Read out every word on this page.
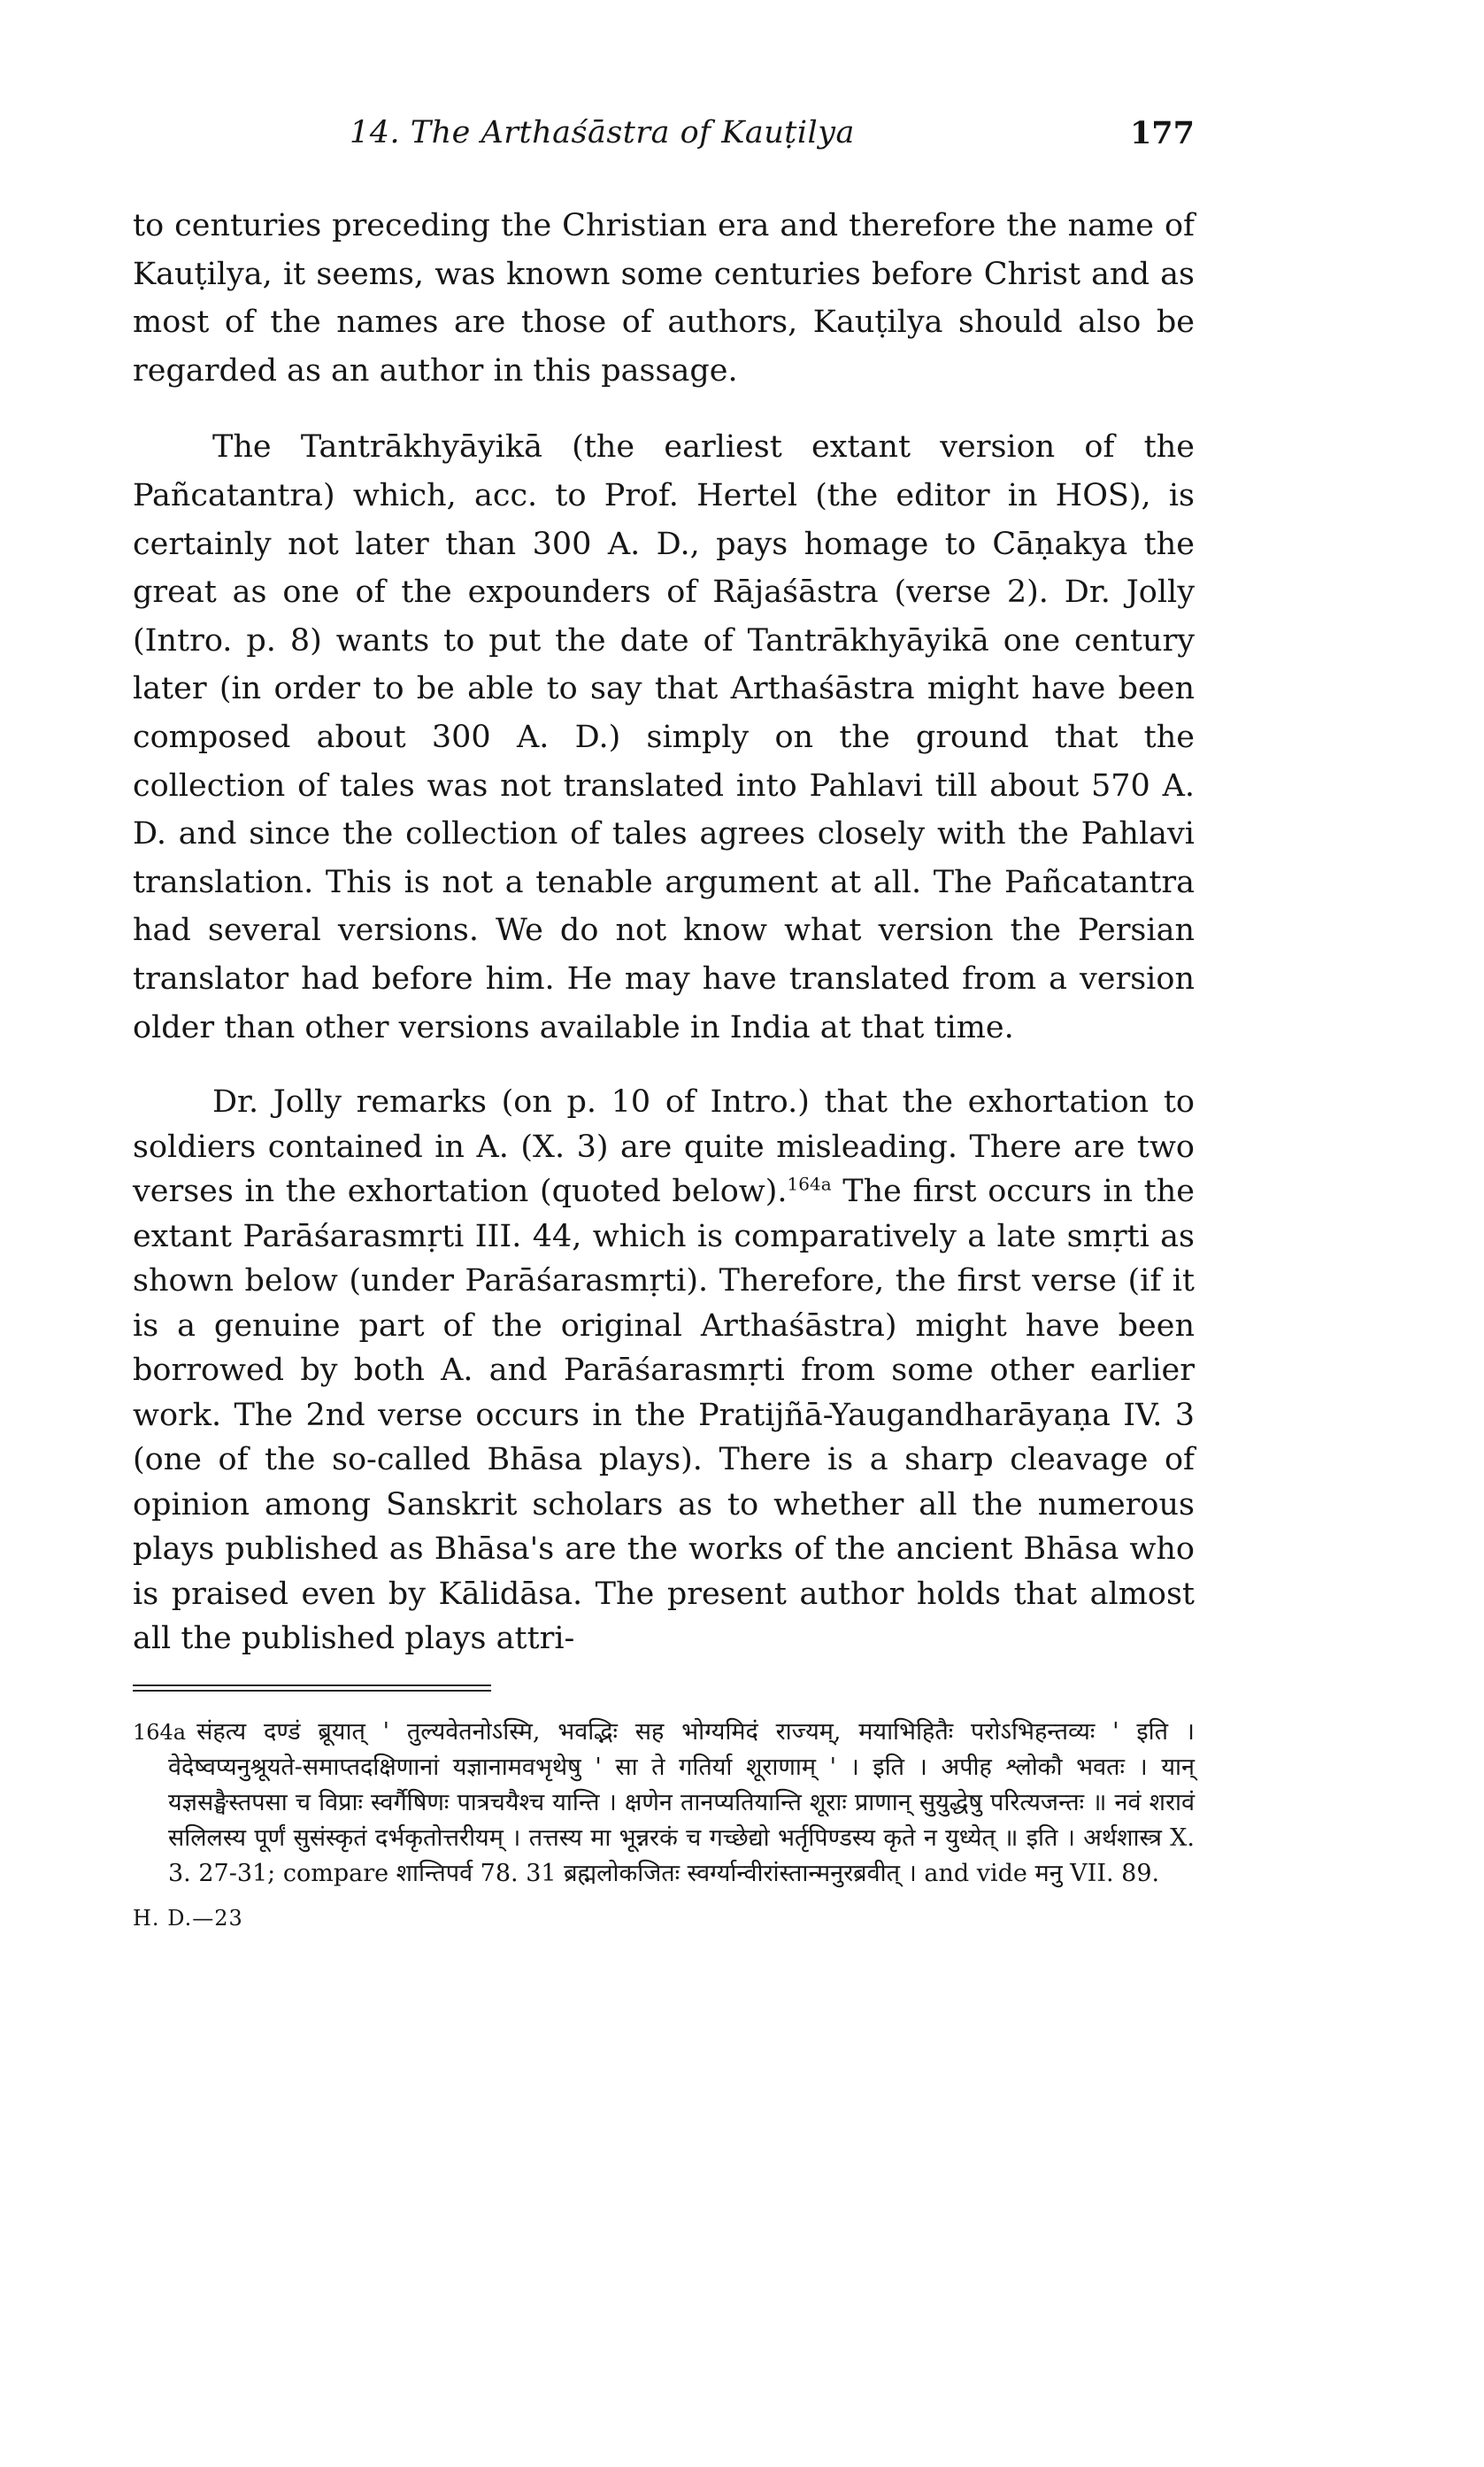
14. The Arthaśāstra of Kauṭilya	177

to centuries preceding the Christian era and therefore the name of Kauṭilya, it seems, was known some centuries before Christ and as most of the names are those of authors, Kauṭilya should also be regarded as an author in this passage.

The Tantrākhyāyikā (the earliest extant version of the Pañcatantra) which, acc. to Prof. Hertel (the editor in HOS), is certainly not later than 300 A. D., pays homage to Cāṇakya the great as one of the expounders of Rājaśāstra (verse 2). Dr. Jolly (Intro. p. 8) wants to put the date of Tantrākhyāyikā one century later (in order to be able to say that Arthaśāstra might have been composed about 300 A. D.) simply on the ground that the collection of tales was not translated into Pahlavi till about 570 A. D. and since the collection of tales agrees closely with the Pahlavi translation. This is not a tenable argument at all. The Pañcatantra had several versions. We do not know what version the Persian translator had before him. He may have translated from a version older than other versions available in India at that time.

Dr. Jolly remarks (on p. 10 of Intro.) that the exhortation to soldiers contained in A. (X. 3) are quite misleading. There are two verses in the exhortation (quoted below).$^{164a}$ The first occurs in the extant Parāśarasmṛti III. 44, which is comparatively a late smṛti as shown below (under Parāśarasmṛti). Therefore, the first verse (if it is a genuine part of the original Arthaśāstra) might have been borrowed by both A. and Parāśarasmṛti from some other earlier work. The 2nd verse occurs in the Pratijñā-Yaugandharāyaṇa IV. 3 (one of the so-called Bhāsa plays). There is a sharp cleavage of opinion among Sanskrit scholars as to whether all the numerous plays published as Bhāsa's are the works of the ancient Bhāsa who is praised even by Kālidāsa. The present author holds that almost all the published plays attri-

164a संहत्य दण्डं ब्रूयात् ' तुल्यवेतनोऽस्मि, भवद्भिः सह भोग्यमिदं राज्यम्, मयाभिहितैः परोऽभिहन्तव्यः ' इति । वेदेष्वप्यनुश्रूयते-समाप्तदक्षिणानां यज्ञानामवभृथेषु ' सा ते गतिर्या शूराणाम् ' । इति । अपीह श्लोकौ भवतः । यान् यज्ञसङ्घैस्तपसा च विप्राः स्वर्गैषिणः पात्रचयैश्च यान्ति । क्षणेन तानप्यतियान्ति शूराः प्राणान् सुयुद्धेषु परित्यजन्तः ॥ नवं शरावं सलिलस्य पूर्णं सुसंस्कृतं दर्भकृतोत्तरीयम् । तत्तस्य मा भून्नरकं च गच्छेद्यो भर्तृपिण्डस्य कृते न युध्येत् ॥ इति । अर्थशास्त्र X. 3. 27-31; compare शान्तिपर्व 78. 31 ब्रह्मलोकजितः स्वर्ग्यान्वीरांस्तान्मनुरब्रवीत् । and vide मनु VII. 89.
H. D.—23
